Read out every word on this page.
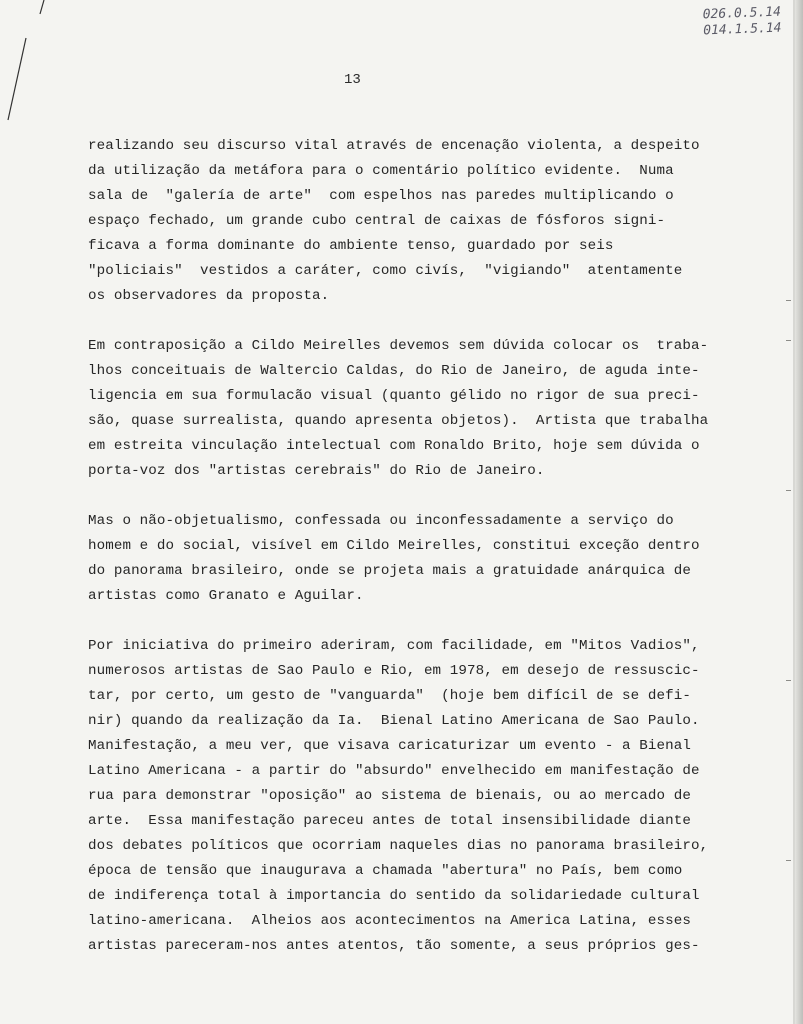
026.0.5.14
014.1.5.14
13
realizando seu discurso vital através de encenação violenta, a despeito
da utilização da metáfora para o comentário político evidente.  Numa
sala de  "galería de arte"  com espelhos nas paredes multiplicando o
espaço fechado, um grande cubo central de caixas de fósforos signi-
ficava a forma dominante do ambiente tenso, guardado por seis
"policiais"  vestidos a caráter, como civís,  "vigiando"  atentamente
os observadores da proposta.
Em contraposição a Cildo Meirelles devemos sem dúvida colocar os  traba-
lhos conceituais de Waltercio Caldas, do Rio de Janeiro, de aguda inte-
ligencia em sua formulacão visual (quanto gélido no rigor de sua preci-
são, quase surrealista, quando apresenta objetos).  Artista que trabalha
em estreita vinculação intelectual com Ronaldo Brito, hoje sem dúvida o
porta-voz dos "artistas cerebrais" do Rio de Janeiro.
Mas o não-objetualismo, confessada ou inconfessadamente a serviço do
homem e do social, visível em Cildo Meirelles, constitui exceção dentro
do panorama brasileiro, onde se projeta mais a gratuidade anárquica de
artistas como Granato e Aguilar.
Por iniciativa do primeiro aderiram, com facilidade, em "Mitos Vadios",
numerosos artistas de Sao Paulo e Rio, em 1978, em desejo de ressuscic-
tar, por certo, um gesto de "vanguarda"  (hoje bem difícil de se defi-
nir) quando da realização da Ia.  Bienal Latino Americana de Sao Paulo.
Manifestação, a meu ver, que visava caricaturizar um evento - a Bienal
Latino Americana - a partir do "absurdo" envelhecido em manifestação de
rua para demonstrar "oposição" ao sistema de bienais, ou ao mercado de
arte.  Essa manifestação pareceu antes de total insensibilidade diante
dos debates políticos que ocorriam naqueles dias no panorama brasileiro,
época de tensão que inaugurava a chamada "abertura" no País, bem como
de indiferença total à importancia do sentido da solidariedade cultural
latino-americana.  Alheios aos acontecimentos na America Latina, esses
artistas pareceram-nos antes atentos, tão somente, a seus próprios ges-
